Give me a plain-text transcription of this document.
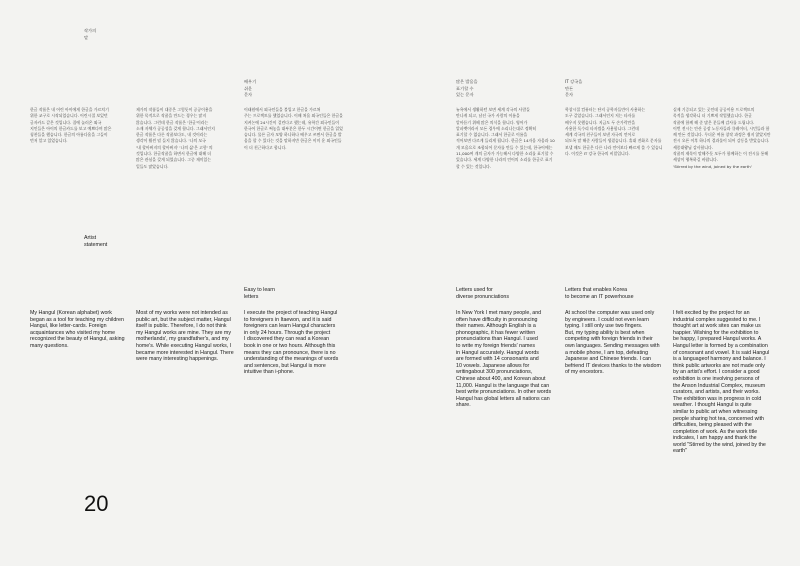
작가의
말
배우기
쉬운
문자
많은 발음을
표기할 수
있는 문자
IT 강국을
만든
문자
한글 작품은 내 어린 아이에게 한글을 가르치기
위한 교구로 시작되었습니다. 어린시절 보있던
글자카드 같은 것입니다. 집에 놀러온 외국
지인들은 아이의 한글카드를 보고 예쁘다며 많은
칭찬들을 했습니다. 한글의 아름다움을 그들이
먼저 알고 있었습니다.
제가의 작품들이 대중은 그렇듯이 공공이용을
위한 목적으로 작품을 만드는 경우는 많지
않습니다. 그런데 한글 작품은 '한글'이라는
소재 자체가 공공성을 갖게 합니다. 그래서인지
한글 작품은 다른 작품보다도, 내 것이라는
생각이 훨씬 덜 들지 않습니다. '나의 모국
'내 할아버지의 할아버지' '나의 삶'은 고향' 의
것입니다. 한글작품을 하면서 한글에 대해 더
많은 관심을 갖게 되었습니다. 그중 재미있는
일들도 많았습니다.
이태원에서 외국인들을 불입고 한글을 가르쳐
주는 프로젝트를 했었습니다. 이때 처음 외국인들은 한글을 지켜논에 24시간이 걸린다고 했는데, 유학간 외국인들이 한국어 한글로 써놓을 대부분은 한두 시간이면 한글을 읽었습니다. 물론 글자 모양 하나하나 배우고 쓰면서 한글을 발음을 할 수 있다는 것을 말하지만 한글은 이미 운 외국인들이 더 친근하다고 합니다.
뉴욕에서 생활하던 보면 세계 각국의 사람들
만나게 되고, 남선 국가 사람의 이름을
알아듣기 위해 많은 의식을 합니다. 영어가
알파벳이라서 모든 경우에 소리나는대로 정확히
표기할 수 없습니다. 그래서 한글로 이름을
적어보면 다르게 들리게 됩니다. 한글은 14자음 자음과 10개 모음으로 조합되어 문자를 만들 수 있는데, 한국어에는 11,000여 개의 글자가 가능해서 다양한 소리를 표기할 수 있습니다. 세계 다양한 나라의 언어의 소리를 한글로 표기할 수 있는 것입니다.
학창시절 컴퓨터는 단지 공학자들만이 사용하는
도구 같았습니다. 그래서인지 저는 타자를
배우지 못했습니다. 지금도 두 손가락만을
사용한 독수리 타자법을 사용합니다. 그런데
세계 각국의 친구들이 보낸 자국의 언어로
되도록 말 해준 사람들이 생겼습니다. 휴대 전화로 문자를 보낼 때도 한글은 다른 나라 언어보다 빠르게 쓸 수 있습니다. 이것은 IT 강국 한국의 비밀입니다.
실제 기증되고 있는 곳인데 공공이용 프로젝트의
목적을 생각하니 더 기쁘게 작업했습니다. 한글
작품에 함께 해 준 많은 분들께 감사를 드립니다.
이번 전시는 안산 공장 노동자들과 큐레이터, 시민들과 함께 만든 것입니다. 무더운 여름 창작 과정은 쉽지 않았지만 전시 오픈 이후 하나의 결과물이 되어 감동을 받았습니다. 세종대왕님 감사합니다.
작품의 제목이 말해주듯 모두가 함께하는 이 전시를 통해 세상이 행복하길 바랍니다.
'Stirred by the wind, joined by the earth'
Artist
statement
Easy to learn
letters
Letters used for
diverse pronunciations
Letters that enables Korea
to become an IT powerhouse
My Hangul (Korean alphabet) work
began as a tool for teaching my children
Hangul, like letter-cards. Foreign
acquaintances who visited my home
recognized the beauty of Hangul, asking
many questions.
Most of my works were not intended as
public art, but the subject matter, Hangul
itself is public. Therefore, I do not think
my Hangul works are mine. They are my
motherlands', my grandfather's, and my
home's. While executing Hangul works, I
became more interested in Hangul. There
were many interesting happenings.
I execute the project of teaching Hangul
to foreigners in Itaewon, and it is said
foreigners can learn Hangul characters
in only 24 hours. Through the project
I discovered they can read a Korean
book in one or two hours. Although this
means they can pronounce, there is no
understanding of the meanings of words
and sentences, but Hangul is more
intuitive than i-phone.
In New York I met many people, and
often have difficulty in pronouncing
their names. Although English is a
phonographic, it has fewer written
pronunciations than Hangul. I used
to write my foreign friends' names
in Hangul accurately. Hangul words
are formed with 14 consonants and
10 vowels. Japanese allows for
writingabout 300 pronunciations,
Chinese about 400, and Korean about
11,000. Hangul is the language that can
best write pronunciations. In other words
Hangul has global letters all nations can
share.
At school the computer was used only
by engineers. I could not even learn
typing. I still only use two fingers.
But, my typing ability is best when
competing with foreign friends in their
own languages. Sending messages with
a mobile phone, I am top, defeating
Japanese and Chinese friends. I can
befriend IT devices thanks to the wisdom
of my encestors.
I felt excited by the project for an
industrial complex suggested to me. I
thought art at work sites can make us
happier. Wishing for the exhibition to
be happy, I prepared Hangul works. A
Hangul letter is formed by a combination
of consonant and vowel. It is said Hangul
is a languageof harmony and balance. I
think public artworks are not made only
by an artist's effort. I consider a good
exhibition is one involving persons of
the Anson Industrial Complex, museum
curators, and artists, and their works.
The exhibition was in progress in cold
weather. I thought Hangul is quite
similar to public art when witnessing
people sharing hot tea, concerned with
difficulties, being pleased with the
completion of work. As the work title
indicates, I am happy and thank the
world "Stirred by the wind, joined by the
earth"
20
